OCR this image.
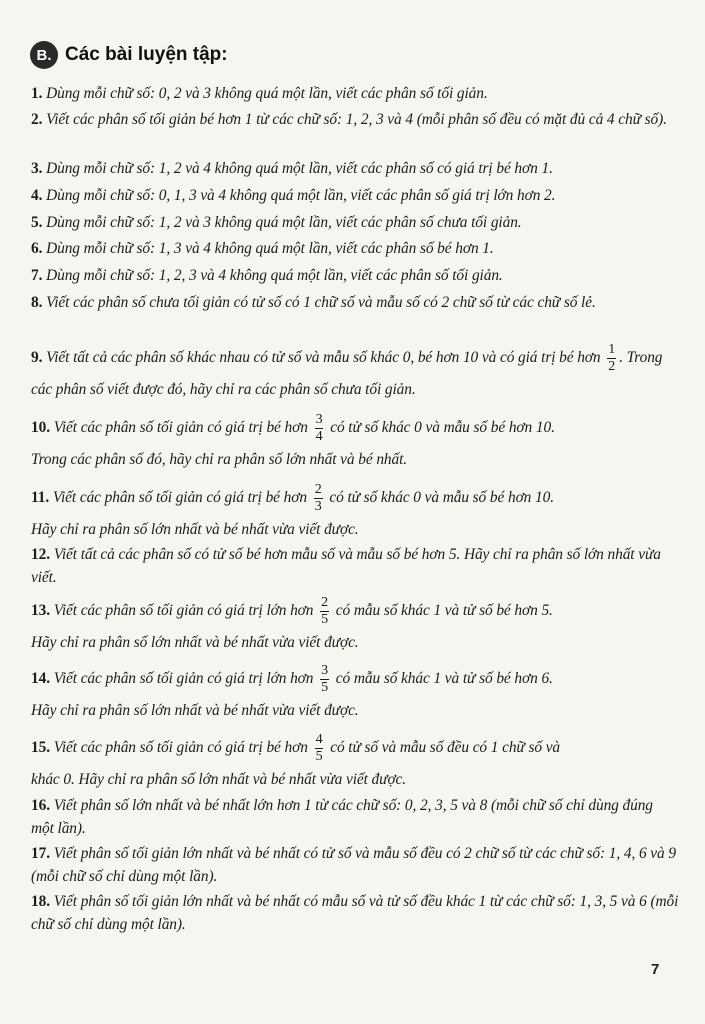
B. Các bài luyện tập:
1. Dùng mỗi chữ số: 0, 2 và 3 không quá một lần, viết các phân số tối giản.
2. Viết các phân số tối giản bé hơn 1 từ các chữ số: 1, 2, 3 và 4 (mỗi phân số đều có mặt đủ cả 4 chữ số).
3. Dùng mỗi chữ số: 1, 2 và 4 không quá một lần, viết các phân số có giá trị bé hơn 1.
4. Dùng mỗi chữ số: 0, 1, 3 và 4 không quá một lần, viết các phân số giá trị lớn hơn 2.
5. Dùng mỗi chữ số: 1, 2 và 3 không quá một lần, viết các phân số chưa tối giản.
6. Dùng mỗi chữ số: 1, 3 và 4 không quá một lần, viết các phân số bé hơn 1.
7. Dùng mỗi chữ số: 1, 2, 3 và 4 không quá một lần, viết các phân số tối giản.
8. Viết các phân số chưa tối giản có tử số có 1 chữ số và mẫu số có 2 chữ số từ các chữ số lẻ.
9. Viết tất cả các phân số khác nhau có tử số và mẫu số khác 0, bé hơn 10 và có giá trị bé hơn $\frac{1}{2}$ . Trong các phân số viết được đó, hãy chỉ ra các phân số chưa tối giản.
10. Viết các phân số tối giản có giá trị bé hơn $\frac{3}{4}$ có tử số khác 0 và mẫu số bé hơn 10.
Trong các phân số đó, hãy chỉ ra phân số lớn nhất và bé nhất.
11. Viết các phân số tối giản có giá trị bé hơn $\frac{2}{3}$ có tử số khác 0 và mẫu số bé hơn 10.
Hãy chỉ ra phân số lớn nhất và bé nhất vừa viết được.
12. Viết tất cả các phân số có tử số bé hơn mẫu số và mẫu số bé hơn 5. Hãy chỉ ra phân số lớn nhất vừa viết.
13. Viết các phân số tối giản có giá trị lớn hơn $\frac{2}{5}$ có mẫu số khác 1 và tử số bé hơn 5.
Hãy chỉ ra phân số lớn nhất và bé nhất vừa viết được.
14. Viết các phân số tối giản có giá trị lớn hơn $\frac{3}{5}$ có mẫu số khác 1 và tử số bé hơn 6.
Hãy chỉ ra phân số lớn nhất và bé nhất vừa viết được.
15. Viết các phân số tối giản có giá trị bé hơn $\frac{4}{5}$ có tử số và mẫu số đều có 1 chữ số và
khác 0. Hãy chỉ ra phân số lớn nhất và bé nhất vừa viết được.
16. Viết phân số lớn nhất và bé nhất lớn hơn 1 từ các chữ số: 0, 2, 3, 5 và 8 (mỗi chữ số chỉ dùng đúng một lần).
17. Viết phân số tối giản lớn nhất và bé nhất có tử số và mẫu số đều có 2 chữ số từ các chữ số: 1, 4, 6 và 9 (mỗi chữ số chỉ dùng một lần).
18. Viết phân số tối giản lớn nhất và bé nhất có mẫu số và tử số đều khác 1 từ các chữ số: 1, 3, 5 và 6 (mỗi chữ số chỉ dùng một lần).
7
